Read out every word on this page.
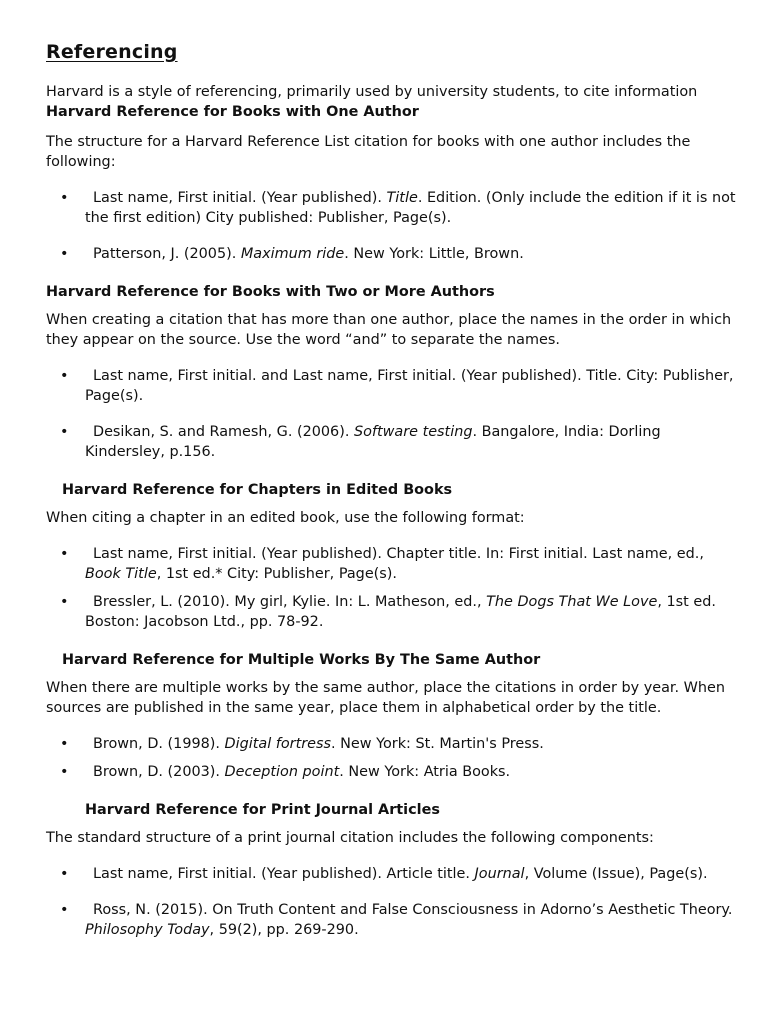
Referencing

Harvard is a style of referencing, primarily used by university students, to cite information

Harvard Reference for Books with One Author

The structure for a Harvard Reference List citation for books with one author includes the following:

• Last name, First initial. (Year published). Title. Edition. (Only include the edition if it is not the first edition) City published: Publisher, Page(s).
• Patterson, J. (2005). Maximum ride. New York: Little, Brown.
Harvard Reference for Books with Two or More Authors

When creating a citation that has more than one author, place the names in the order in which they appear on the source. Use the word “and” to separate the names.

• Last name, First initial. and Last name, First initial. (Year published). Title. City: Publisher, Page(s).
• Desikan, S. and Ramesh, G. (2006). Software testing. Bangalore, India: Dorling Kindersley, p.156.
Harvard Reference for Chapters in Edited Books

When citing a chapter in an edited book, use the following format:

• Last name, First initial. (Year published). Chapter title. In: First initial. Last name, ed., Book Title, 1st ed.* City: Publisher, Page(s).
• Bressler, L. (2010). My girl, Kylie. In: L. Matheson, ed., The Dogs That We Love, 1st ed. Boston: Jacobson Ltd., pp. 78-92.
Harvard Reference for Multiple Works By The Same Author

When there are multiple works by the same author, place the citations in order by year. When sources are published in the same year, place them in alphabetical order by the title.

• Brown, D. (1998). Digital fortress. New York: St. Martin's Press.
• Brown, D. (2003). Deception point. New York: Atria Books.
Harvard Reference for Print Journal Articles

The standard structure of a print journal citation includes the following components:

• Last name, First initial. (Year published). Article title. Journal, Volume (Issue), Page(s).
• Ross, N. (2015). On Truth Content and False Consciousness in Adorno’s Aesthetic Theory. Philosophy Today, 59(2), pp. 269-290.
